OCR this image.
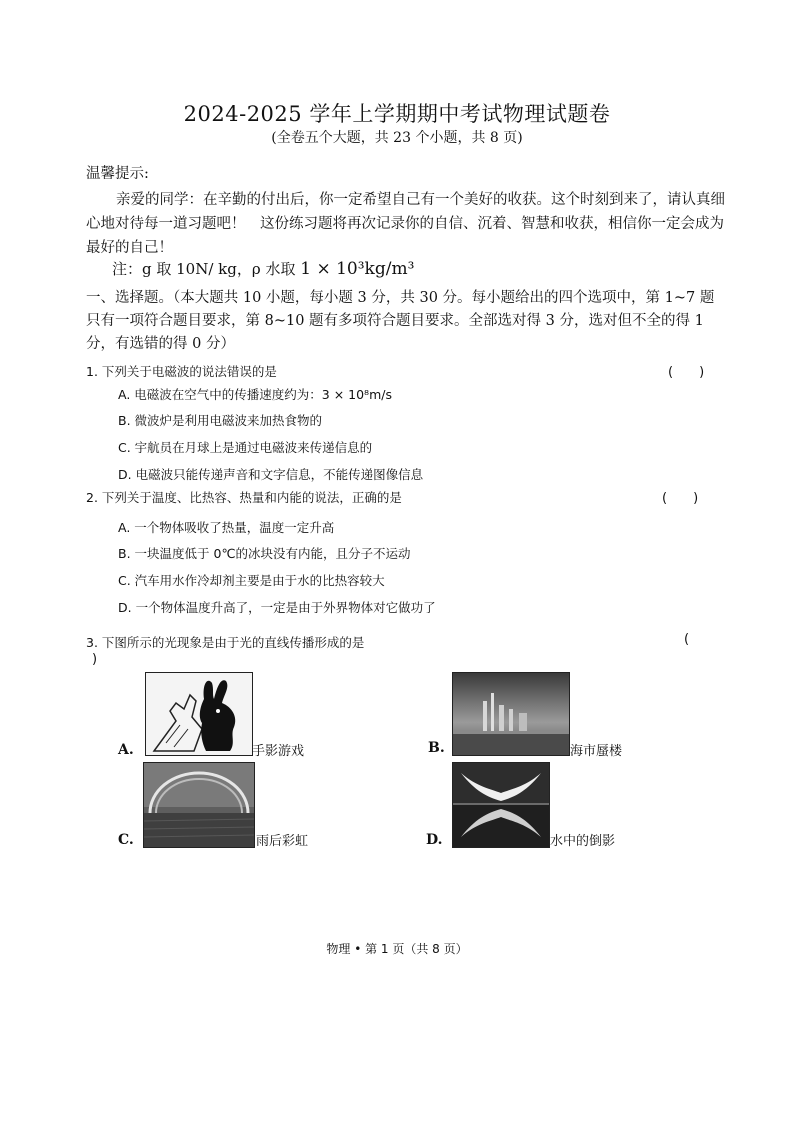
2024-2025 学年上学期期中考试物理试题卷
(全卷五个大题，共 23 个小题，共 8 页)
温馨提示:
亲爱的同学：在辛勤的付出后，你一定希望自己有一个美好的收获。这个时刻到来了，请认真细心地对待每一道习题吧！　这份练习题将再次记录你的自信、沉着、智慧和收获，相信你一定会成为最好的自己！
注：g 取 10N/ kg，ρ 水取 1 × 10³kg/m³
一、选择题。（本大题共 10 小题，每小题 3 分，共 30 分。每小题给出的四个选项中，第 1~7 题只有一项符合题目要求，第 8~10 题有多项符合题目要求。全部选对得 3 分，选对但不全的得 1 分，有选错的得 0 分）
1. 下列关于电磁波的说法错误的是	(　　)
A. 电磁波在空气中的传播速度约为：3 × 10⁸m/s
B. 微波炉是利用电磁波来加热食物的
C. 宇航员在月球上是通过电磁波来传递信息的
D. 电磁波只能传递声音和文字信息，不能传递图像信息
2. 下列关于温度、比热容、热量和内能的说法，正确的是	(　　)
A. 一个物体吸收了热量，温度一定升高
B. 一块温度低于 0℃的冰块没有内能，且分子不运动
C. 汽车用水作冷却剂主要是由于水的比热容较大
D. 一个物体温度升高了，一定是由于外界物体对它做功了
3. 下图所示的光现象是由于光的直线传播形成的是	(
)
A.	手影游戏	B.	海市蜃楼
C.	雨后彩虹	D.	水中的倒影
物理 • 第 1 页（共 8 页）
